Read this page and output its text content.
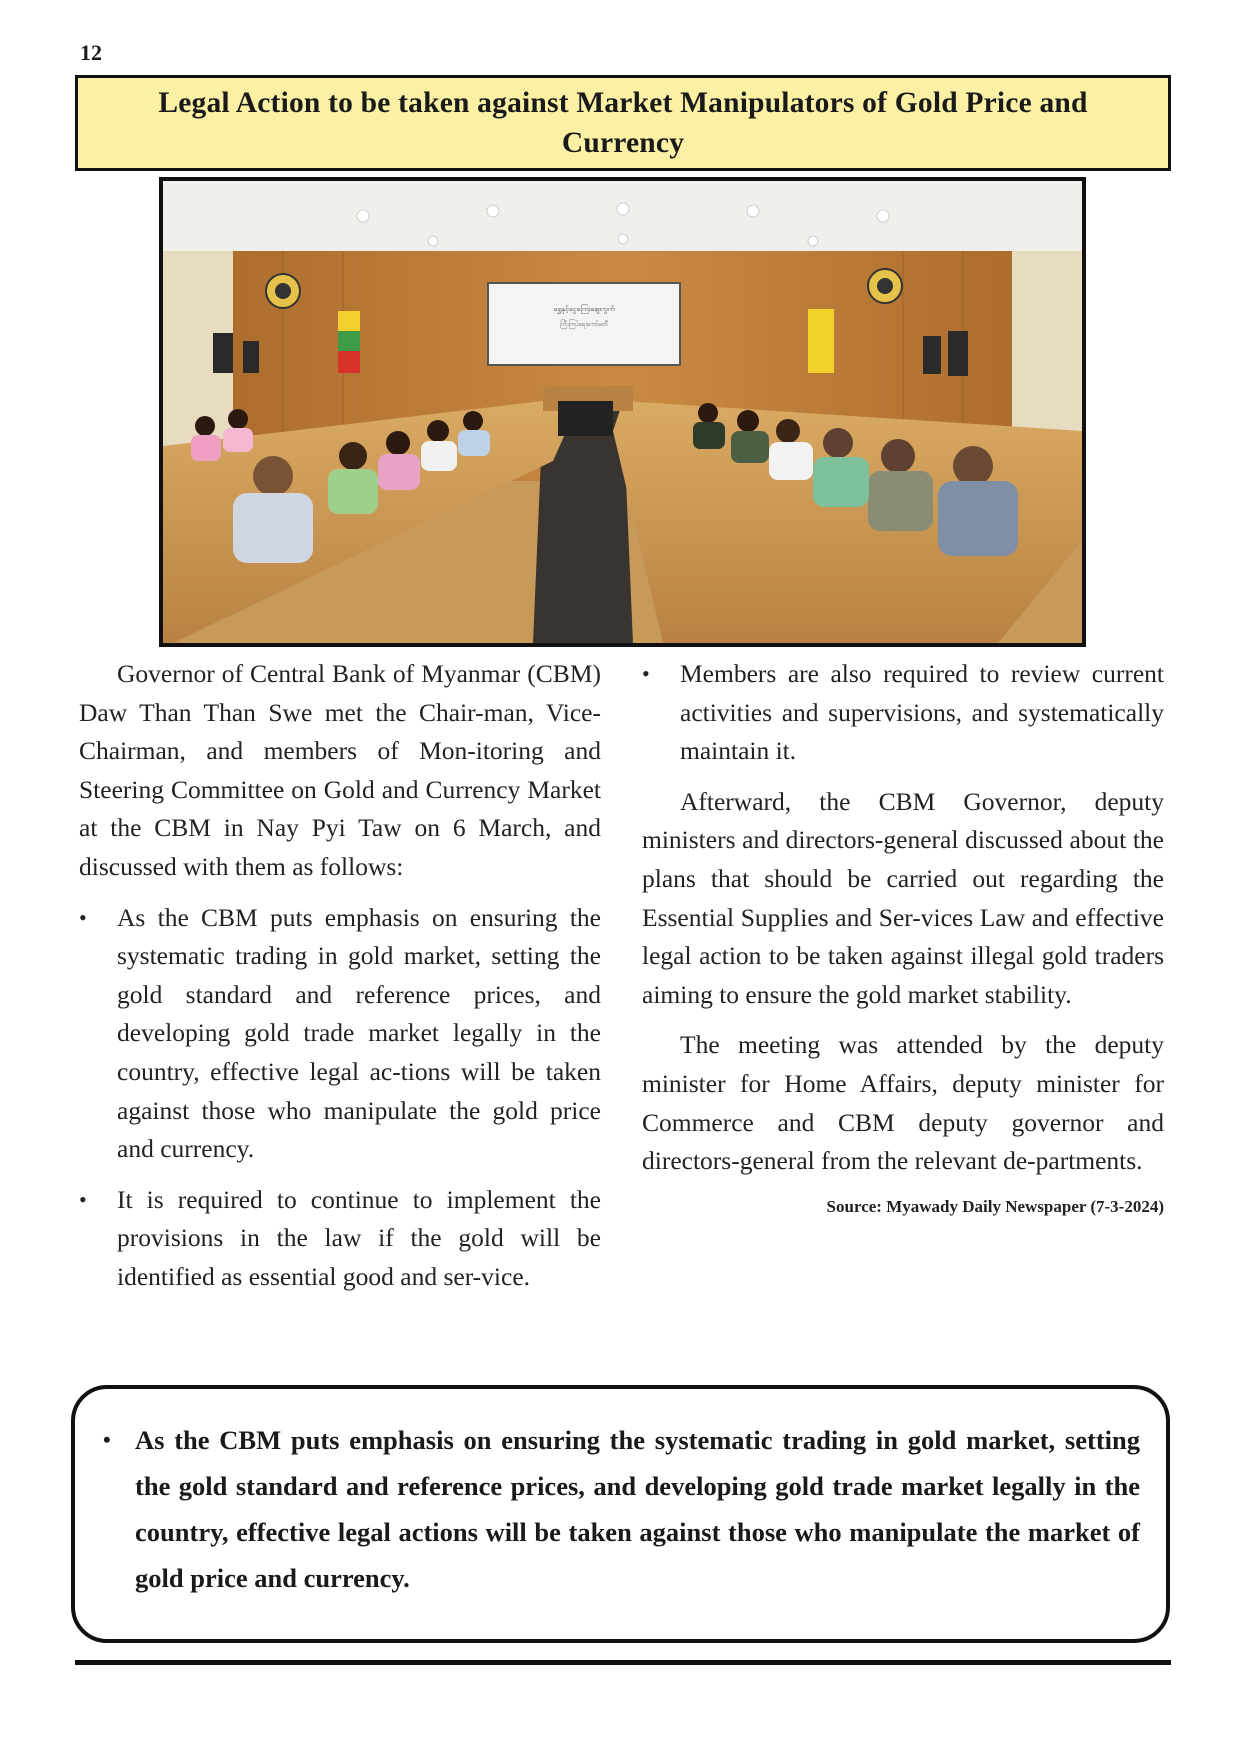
12
Legal Action to be taken against Market Manipulators of Gold Price and Currency
ရွှေနှင့်ငွေကြေးဈေးကွက်
ကြီးကြပ်ရေးကော်မတီ

Governor of Central Bank of Myanmar (CBM) Daw Than Than Swe met the Chair-man, Vice-Chairman, and members of Mon-itoring and Steering Committee on Gold and Currency Market at the CBM in Nay Pyi Taw on 6 March, and discussed with them as follows:

• As the CBM puts emphasis on ensuring the systematic trading in gold market, setting the gold standard and reference prices, and developing gold trade market legally in the country, effective legal ac-tions will be taken against those who manipulate the gold price and currency.
• It is required to continue to implement the provisions in the law if the gold will be identified as essential good and ser-vice.
• Members are also required to review current activities and supervisions, and systematically maintain it.

Afterward, the CBM Governor, deputy ministers and directors-general discussed about the plans that should be carried out regarding the Essential Supplies and Ser-vices Law and effective legal action to be taken against illegal gold traders aiming to ensure the gold market stability.

The meeting was attended by the deputy minister for Home Affairs, deputy minister for Commerce and CBM deputy governor and directors-general from the relevant de-partments.

Source: Myawady Daily Newspaper (7-3-2024)
• As the CBM puts emphasis on ensuring the systematic trading in gold market, setting the gold standard and reference prices, and developing gold trade market legally in the country, effective legal actions will be taken against those who manipulate the market of gold price and currency.
